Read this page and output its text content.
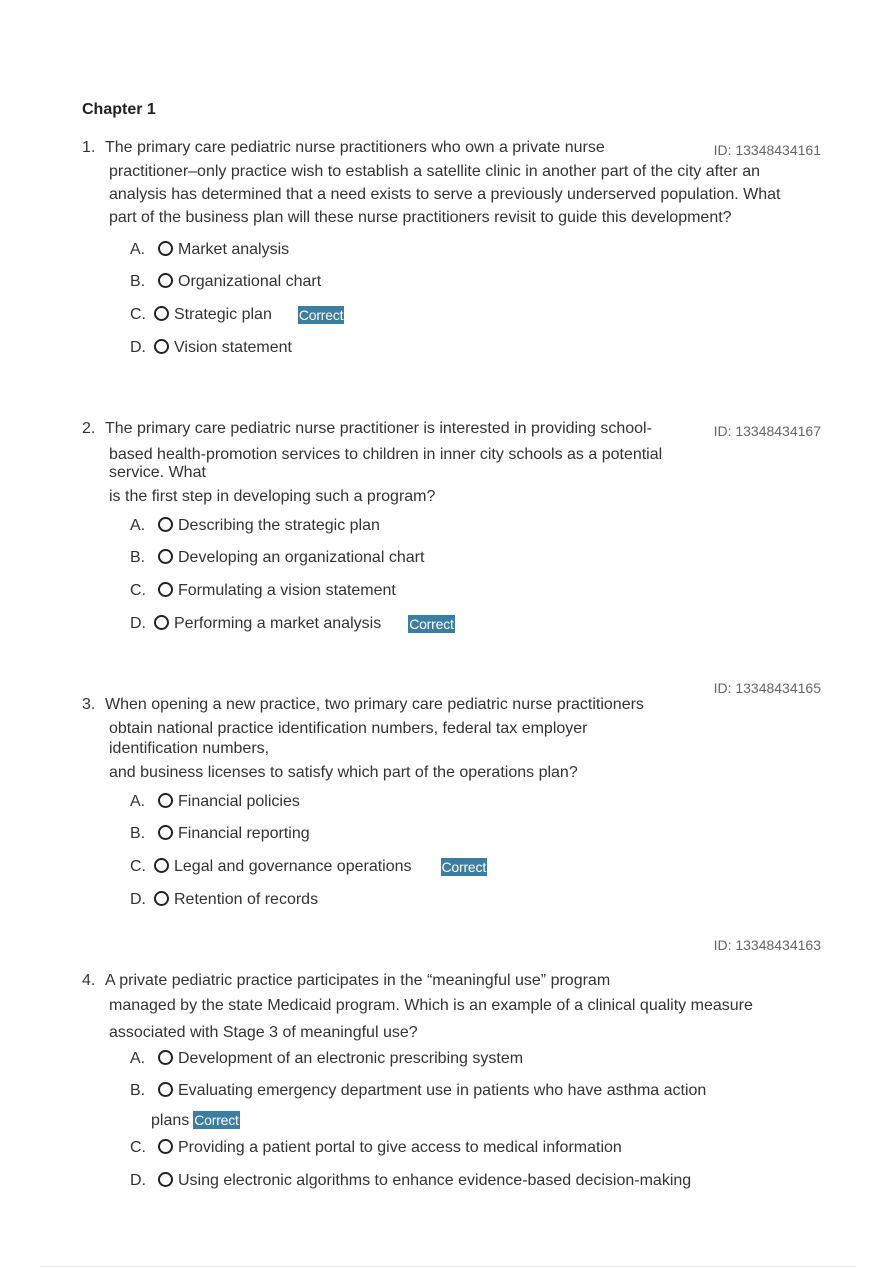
Chapter 1
ID: 13348434161
1. The primary care pediatric nurse practitioners who own a private nurse
practitioner–only practice wish to establish a satellite clinic in another part of the city after an
analysis has determined that a need exists to serve a previously underserved population. What
part of the business plan will these nurse practitioners revisit to guide this development?
A.	Market analysis
B.	Organizational chart
C.	Strategic plan Correct
D.	Vision statement
ID: 13348434167
2. The primary care pediatric nurse practitioner is interested in providing school-
based health-promotion services to children in inner city schools as a potential
service. What
is the first step in developing such a program?
A.	Describing the strategic plan
B.	Developing an organizational chart
C.	Formulating a vision statement
D.	Performing a market analysis Correct
ID: 13348434165
3. When opening a new practice, two primary care pediatric nurse practitioners
obtain national practice identification numbers, federal tax employer
identification numbers,
and business licenses to satisfy which part of the operations plan?
A.	Financial policies
B.	Financial reporting
C.	Legal and governance operations Correct
D.	Retention of records
ID: 13348434163
4. A private pediatric practice participates in the “meaningful use” program
managed by the state Medicaid program. Which is an example of a clinical quality measure
associated with Stage 3 of meaningful use?
A.	Development of an electronic prescribing system
B.	Evaluating emergency department use in patients who have asthma action
plans Correct
C.	Providing a patient portal to give access to medical information
D.	Using electronic algorithms to enhance evidence-based decision-making
